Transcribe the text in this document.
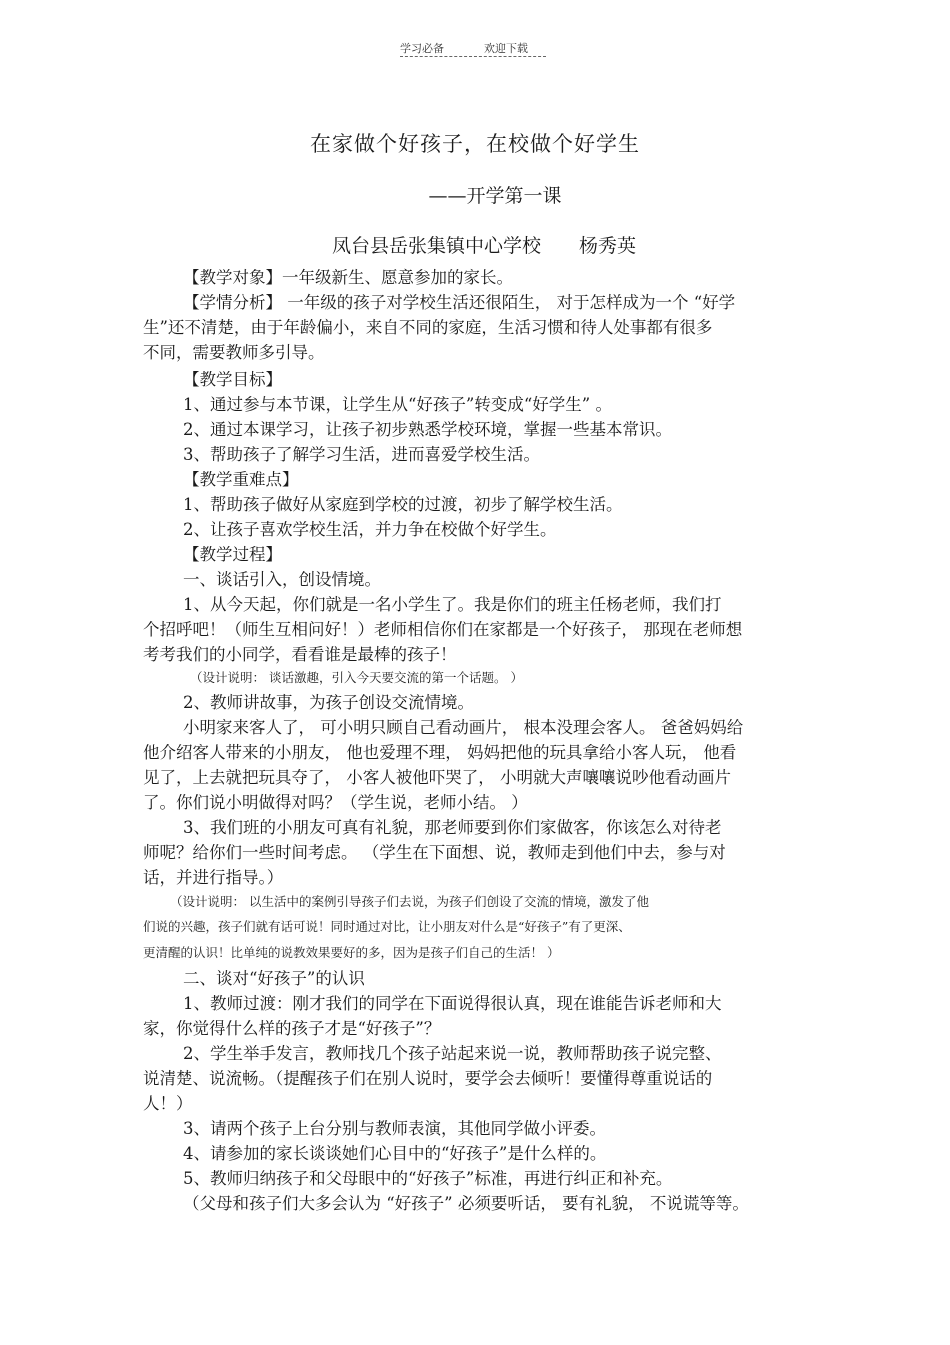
学习必备	欢迎下载
在家做个好孩子，在校做个好学生
——开学第一课
凤台县岳张集镇中心学校 杨秀英
【教学对象】一年级新生、愿意参加的家长。
【学情分析】 一年级的孩子对学校生活还很陌生， 对于怎样成为一个 “好学
生”还不清楚，由于年龄偏小，来自不同的家庭，生活习惯和待人处事都有很多
不同，需要教师多引导。
【教学目标】
1、通过参与本节课，让学生从“好孩子”转变成“好学生” 。
2、通过本课学习，让孩子初步熟悉学校环境，掌握一些基本常识。
3、帮助孩子了解学习生活，进而喜爱学校生活。
【教学重难点】
1、帮助孩子做好从家庭到学校的过渡，初步了解学校生活。
2、让孩子喜欢学校生活，并力争在校做个好学生。
【教学过程】
一、谈话引入，创设情境。
1、从今天起，你们就是一名小学生了。我是你们的班主任杨老师，我们打
个招呼吧！（师生互相问好！）老师相信你们在家都是一个好孩子， 那现在老师想
考考我们的小同学，看看谁是最棒的孩子！
（设计说明： 谈话激趣，引入今天要交流的第一个话题。 ）
2、教师讲故事，为孩子创设交流情境。
小明家来客人了， 可小明只顾自己看动画片， 根本没理会客人。 爸爸妈妈给
他介绍客人带来的小朋友， 他也爱理不理， 妈妈把他的玩具拿给小客人玩， 他看
见了，上去就把玩具夺了， 小客人被他吓哭了， 小明就大声嚷嚷说吵他看动画片
了。你们说小明做得对吗？（学生说，老师小结。 ）
3、我们班的小朋友可真有礼貌，那老师要到你们家做客，你该怎么对待老
师呢？给你们一些时间考虑。 （学生在下面想、说，教师走到他们中去，参与对
话，并进行指导。）
（设计说明： 以生活中的案例引导孩子们去说，为孩子们创设了交流的情境，激发了他
们说的兴趣，孩子们就有话可说！同时通过对比，让小朋友对什么是“好孩子”有了更深、
更清醒的认识！比单纯的说教效果要好的多，因为是孩子们自己的生活！ ）
二、谈对“好孩子”的认识
1、教师过渡：刚才我们的同学在下面说得很认真，现在谁能告诉老师和大
家，你觉得什么样的孩子才是“好孩子”？
2、学生举手发言，教师找几个孩子站起来说一说，教师帮助孩子说完整、
说清楚、说流畅。（提醒孩子们在别人说时，要学会去倾听！要懂得尊重说话的
人！）
3、请两个孩子上台分别与教师表演，其他同学做小评委。
4、请参加的家长谈谈她们心目中的“好孩子”是什么样的。
5、教师归纳孩子和父母眼中的“好孩子”标准，再进行纠正和补充。
（父母和孩子们大多会认为 “好孩子” 必须要听话， 要有礼貌， 不说谎等等。
